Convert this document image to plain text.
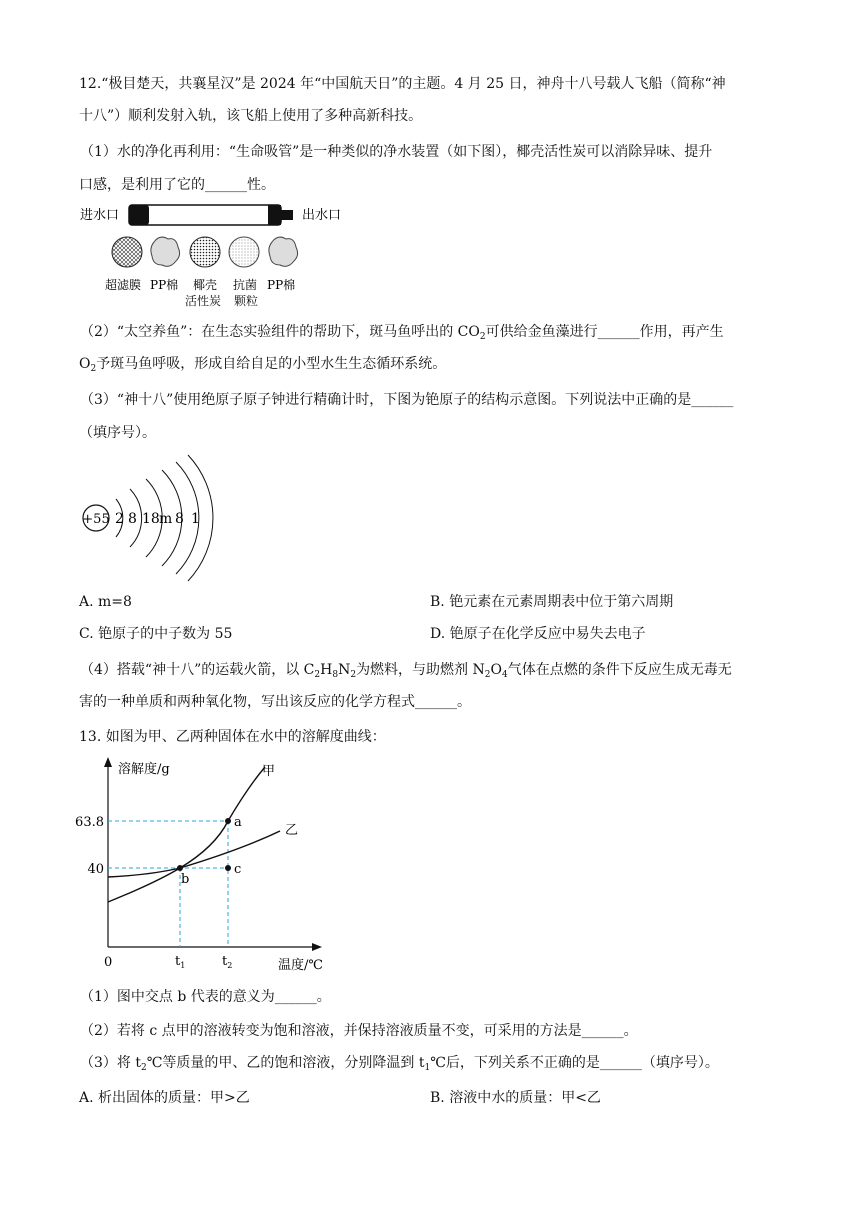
12.“极目楚天，共襄星汉”是 2024 年“中国航天日”的主题。4 月 25 日，神舟十八号载人飞船（简称“神
十八”）顺利发射入轨，该飞船上使用了多种高新科技。
（1）水的净化再利用：“生命吸管”是一种类似的净水装置（如下图），椰壳活性炭可以消除异味、提升
口感，是利用了它的______性。
进水口	出水口
超滤膜 PP棉 椰壳 抗菌 PP棉
活性炭 颗粒
（2）“太空养鱼”：在生态实验组件的帮助下，斑马鱼呼出的 $CO_2$可供给金鱼藻进行______作用，再产生
$O_2$予斑马鱼呼吸，形成自给自足的小型水生生态循环系统。
（3）“神十八”使用绝原子原子钟进行精确计时，下图为铯原子的结构示意图。下列说法中正确的是______
（填序号）。
+55 2 8 18 m 8 1
A. m=8	B. 铯元素在元素周期表中位于第六周期
C. 铯原子的中子数为 55	D. 铯原子在化学反应中易失去电子
（4）搭载“神十八”的运载火箭，以 $C_2H_8N_2$为燃料，与助燃剂 $N_2O_4$气体在点燃的条件下反应生成无毒无
害的一种单质和两种氧化物，写出该反应的化学方程式______。
13. 如图为甲、乙两种固体在水中的溶解度曲线：
溶解度/g
温度/℃
0
63.8
40
$t_1$	$t_2$
甲
乙
a
b
c
（1）图中交点 b 代表的意义为______。
（2）若将 c 点甲的溶液转变为饱和溶液，并保持溶液质量不变，可采用的方法是______。
（3）将 $t_2℃$等质量的甲、乙的饱和溶液，分别降温到 $t_1℃$后，下列关系不正确的是______（填序号）。
A. 析出固体的质量：甲>乙	B. 溶液中水的质量：甲<乙
